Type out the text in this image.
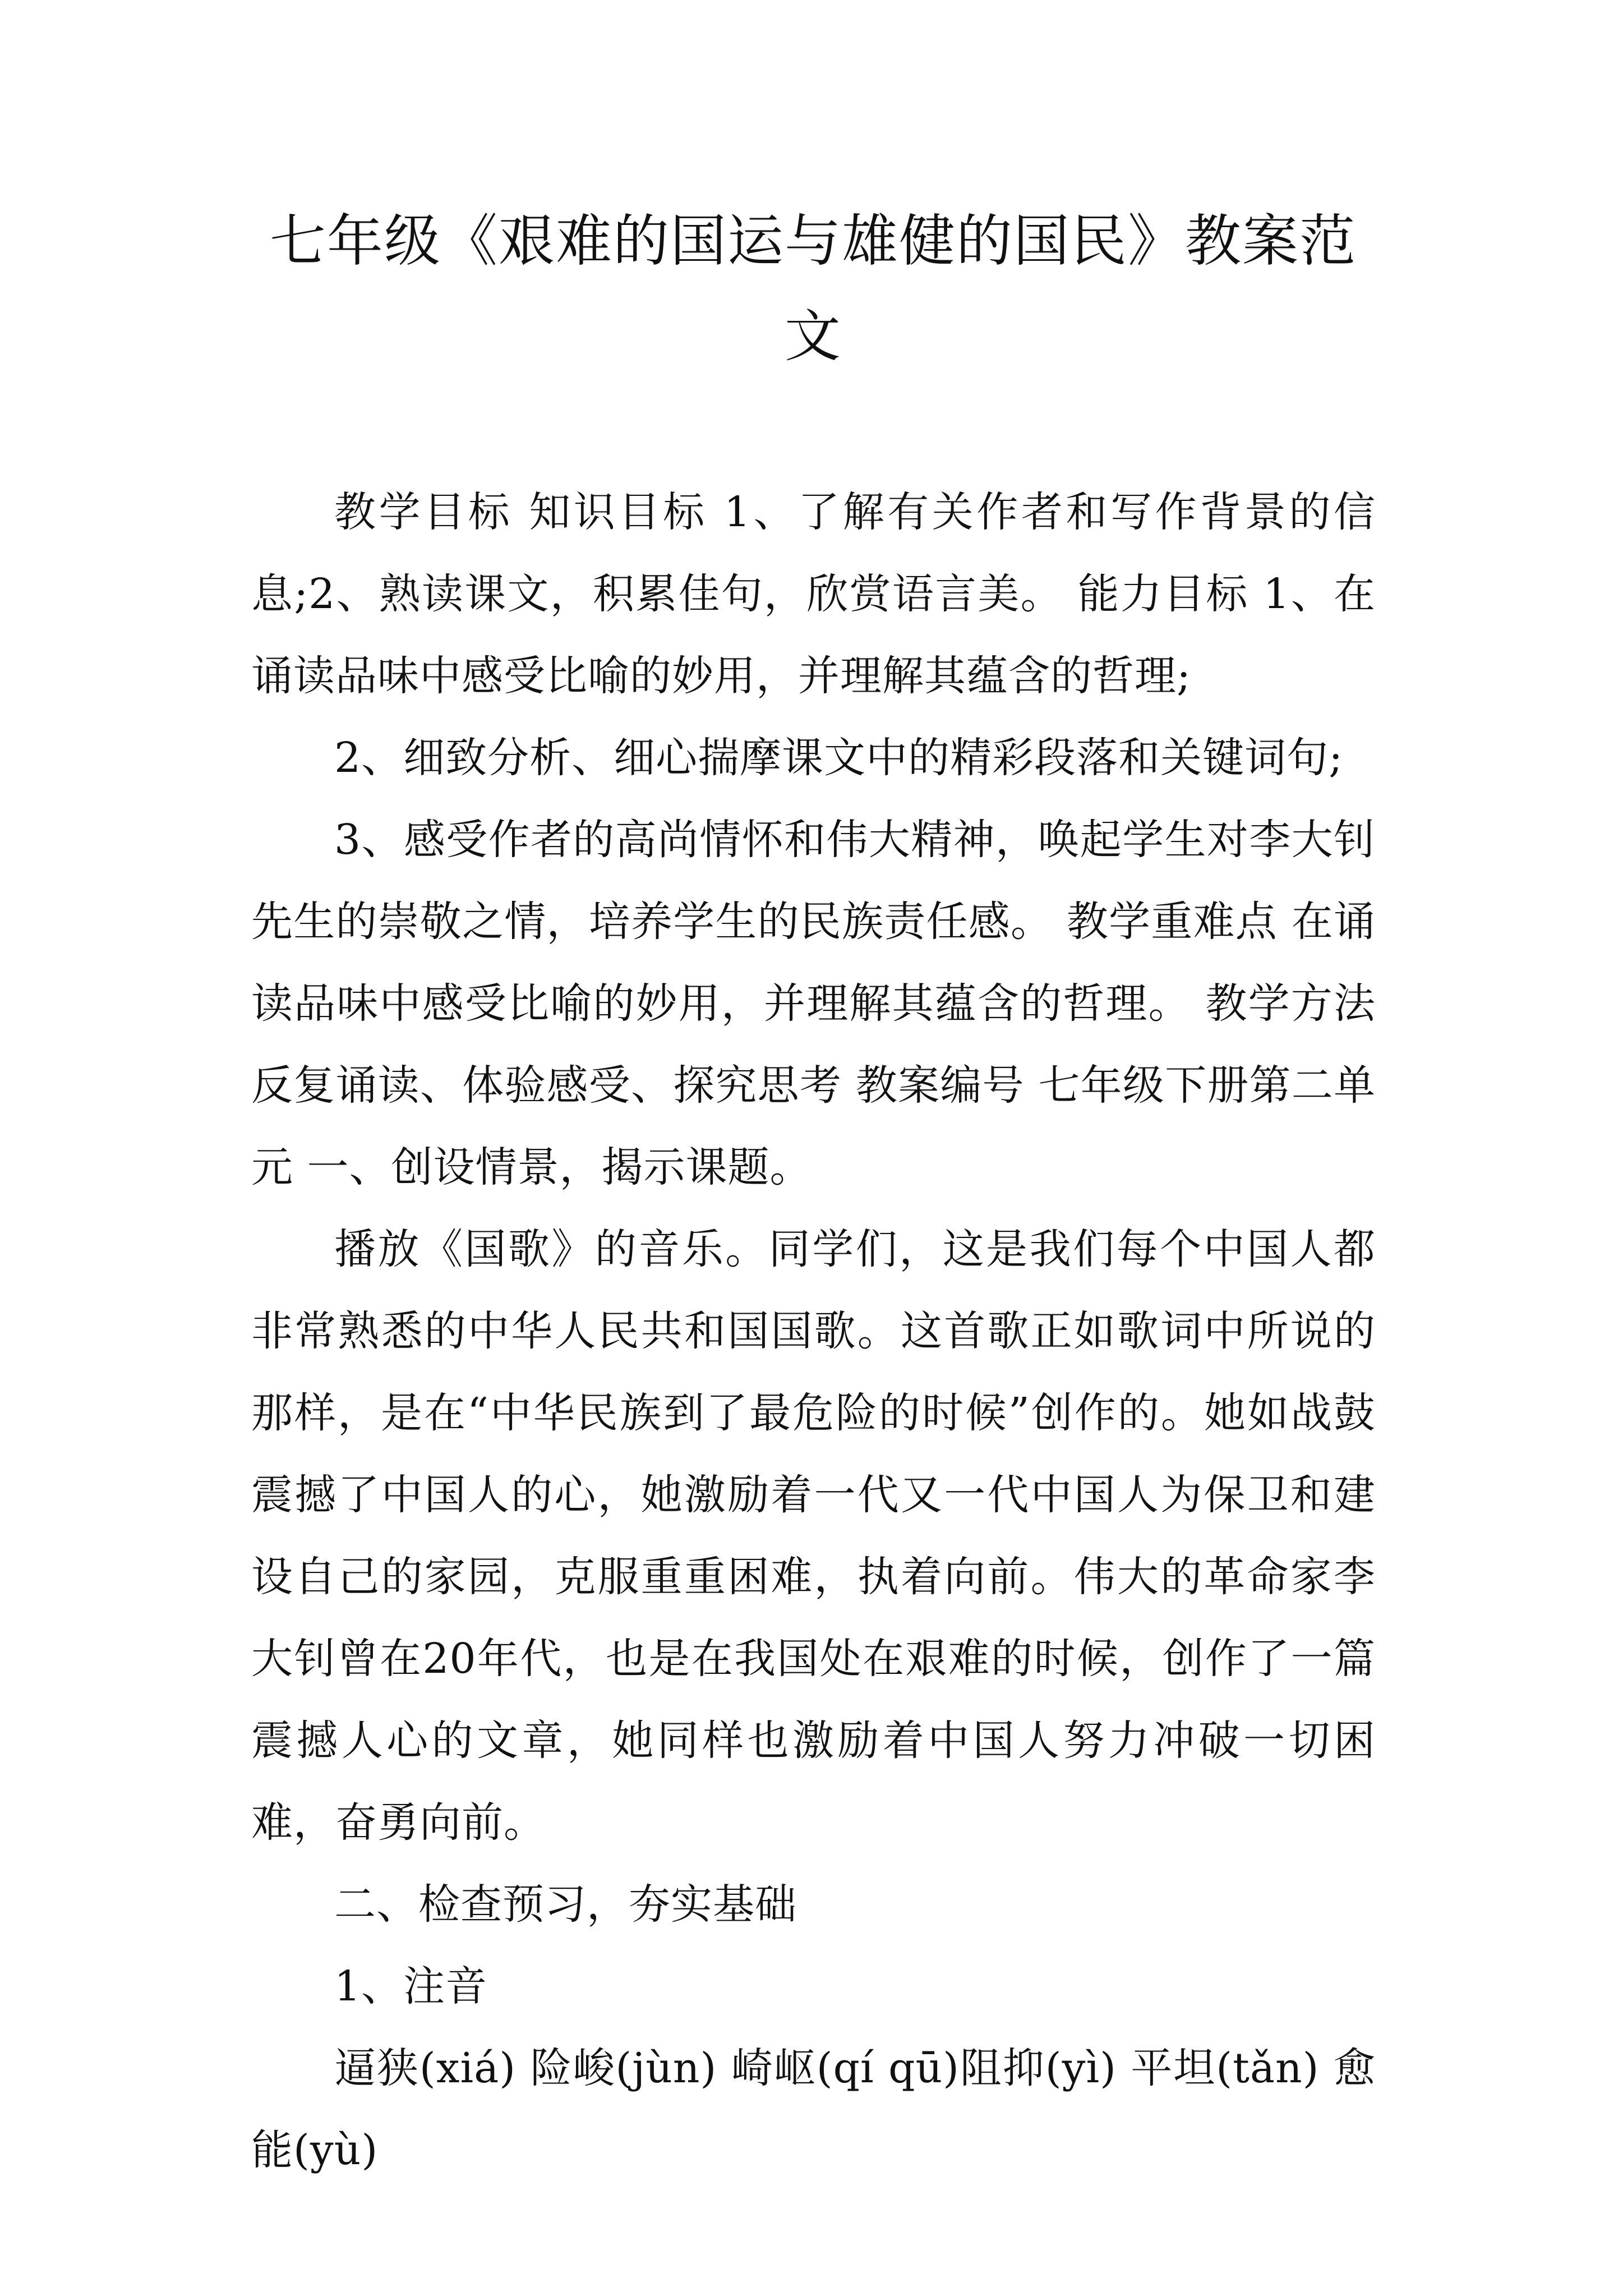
七年级《艰难的国运与雄健的国民》教案范文

教学目标 知识目标 1、了解有关作者和写作背景的信息;2、熟读课文，积累佳句，欣赏语言美。 能力目标 1、在诵读品味中感受比喻的妙用，并理解其蕴含的哲理;

2、细致分析、细心揣摩课文中的精彩段落和关键词句;

3、感受作者的高尚情怀和伟大精神，唤起学生对李大钊先生的崇敬之情，培养学生的民族责任感。 教学重难点 在诵读品味中感受比喻的妙用，并理解其蕴含的哲理。 教学方法 反复诵读、体验感受、探究思考 教案编号 七年级下册第二单元 一、创设情景，揭示课题。

播放《国歌》的音乐。同学们，这是我们每个中国人都非常熟悉的中华人民共和国国歌。这首歌正如歌词中所说的那样，是在“中华民族到了最危险的时候”创作的。她如战鼓震撼了中国人的心，她激励着一代又一代中国人为保卫和建设自己的家园，克服重重困难，执着向前。伟大的革命家李大钊曾在20年代，也是在我国处在艰难的时候，创作了一篇震撼人心的文章，她同样也激励着中国人努力冲破一切困难，奋勇向前。

二、检查预习，夯实基础

1、注音

逼狭(xiá) 险峻(jùn) 崎岖(qí qū)阻抑(yì) 平坦(tǎn) 愈能(yù)
